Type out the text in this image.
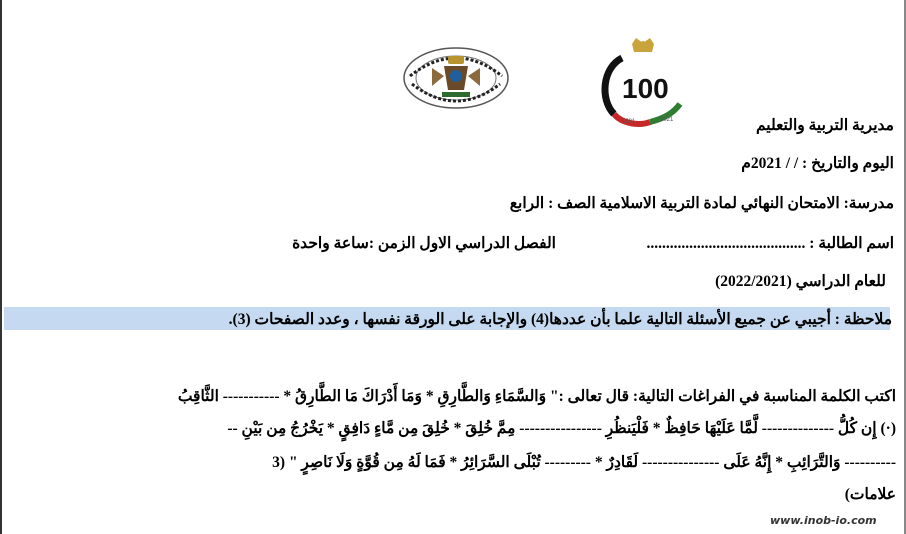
100
1921	2021	مديرية التربية والتعليم
اليوم والتاريخ : / / 2021م
مدرسة: الامتحان النهائي لمادة التربية الاسلامية الصف : الرابع
اسم الطالبة : .........................................
الفصل الدراسي الاول الزمن :ساعة واحدة
للعام الدراسي (2022/2021)
ملاحظة : أجيبي عن جميع الأسئلة التالية علما بأن عددها(4) والإجابة على الورقة نفسها ، وعدد الصفحات (3).
اكتب الكلمة المناسبة في الفراغات التالية: قال تعالى :" وَالسَّمَاءِ وَالطَّارِقِ * وَمَا أَدْرَاكَ مَا الطَّارِقُ * ----------- الثَّاقِبُ
(·) إِن كُلُّ -------------- لَّمَّا عَلَيْهَا حَافِظٌ * فَلْيَنظُرِ ---------------- مِمَّ خُلِقَ * خُلِقَ مِن مَّاءٍ دَافِقٍ * يَخْرُجُ مِن بَيْنِ --
---------- وَالتَّرَائِبِ * إِنَّهُ عَلَى --------------- لَقَادِرٌ * --------- تُبْلَى السَّرَائِرُ * فَمَا لَهُ مِن قُوَّةٍ وَلَا نَاصِرٍ " (3
علامات)
www.inob-io.com
